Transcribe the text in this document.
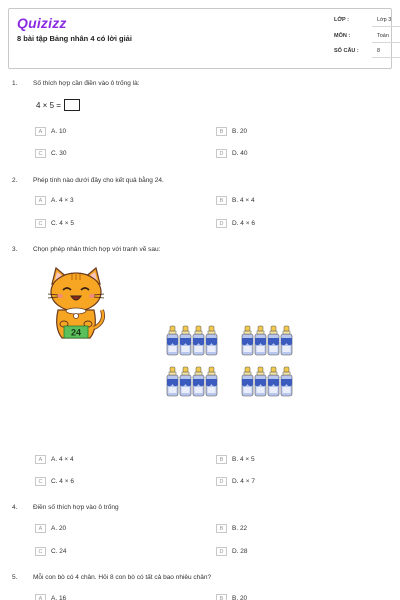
Quizizz
8 bài tập Bảng nhân 4 có lời giải
LỚP :	Lớp 3
MÔN :	Toán
SỐ CÂU :	8
1. Số thích hợp cần điền vào ô trống là:
4 × 5 =
A	A. 10	B	B. 20
C	C. 30	D	D. 40
2. Phép tính nào dưới đây cho kết quả bằng 24.
A	A. 4 × 3	B	B. 4 × 4
C	C. 4 × 5	D	D. 4 × 6
3. Chọn phép nhân thích hợp với tranh vẽ sau:
24
A	A. 4 × 4	B	B. 4 × 5
C	C. 4 × 6	D	D. 4 × 7
4. Điền số thích hợp vào ô trống
A	A. 20	B	B. 22
C	C. 24	D	D. 28
5. Mỗi con bò có 4 chân. Hỏi 8 con bò có tất cả bao nhiêu chân?
A	A. 16	B	B. 20
